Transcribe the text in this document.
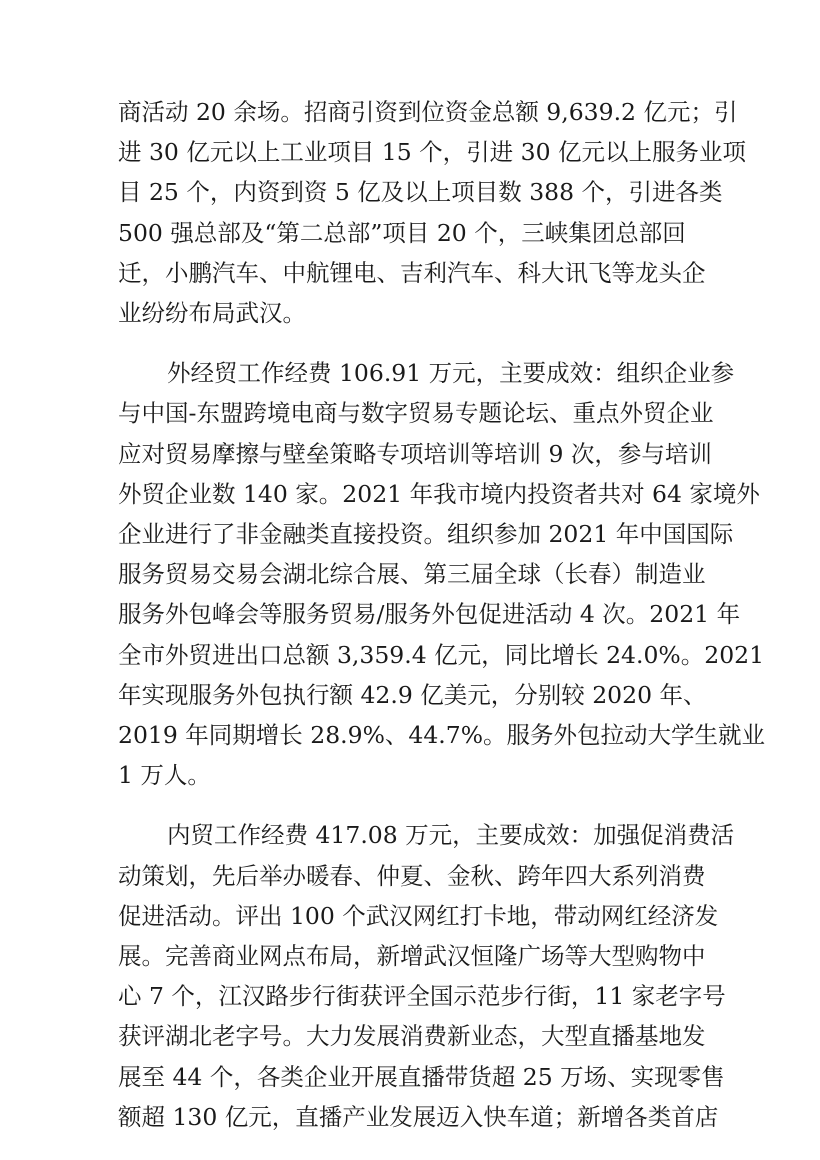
商活动 20 余场。招商引资到位资金总额 9,639.2 亿元；引
进 30 亿元以上工业项目 15 个，引进 30 亿元以上服务业项
目 25 个，内资到资 5 亿及以上项目数 388 个，引进各类
500 强总部及“第二总部”项目 20 个，三峡集团总部回
迁，小鹏汽车、中航锂电、吉利汽车、科大讯飞等龙头企
业纷纷布局武汉。
外经贸工作经费 106.91 万元，主要成效：组织企业参
与中国-东盟跨境电商与数字贸易专题论坛、重点外贸企业
应对贸易摩擦与壁垒策略专项培训等培训 9 次，参与培训
外贸企业数 140 家。2021 年我市境内投资者共对 64 家境外
企业进行了非金融类直接投资。组织参加 2021 年中国国际
服务贸易交易会湖北综合展、第三届全球（长春）制造业
服务外包峰会等服务贸易/服务外包促进活动 4 次。2021 年
全市外贸进出口总额 3,359.4 亿元，同比增长 24.0%。2021
年实现服务外包执行额 42.9 亿美元，分别较 2020 年、
2019 年同期增长 28.9%、44.7%。服务外包拉动大学生就业
1 万人。
内贸工作经费 417.08 万元，主要成效：加强促消费活
动策划，先后举办暖春、仲夏、金秋、跨年四大系列消费
促进活动。评出 100 个武汉网红打卡地，带动网红经济发
展。完善商业网点布局，新增武汉恒隆广场等大型购物中
心 7 个，江汉路步行街获评全国示范步行街，11 家老字号
获评湖北老字号。大力发展消费新业态，大型直播基地发
展至 44 个，各类企业开展直播带货超 25 万场、实现零售
额超 130 亿元，直播产业发展迈入快车道；新增各类首店
